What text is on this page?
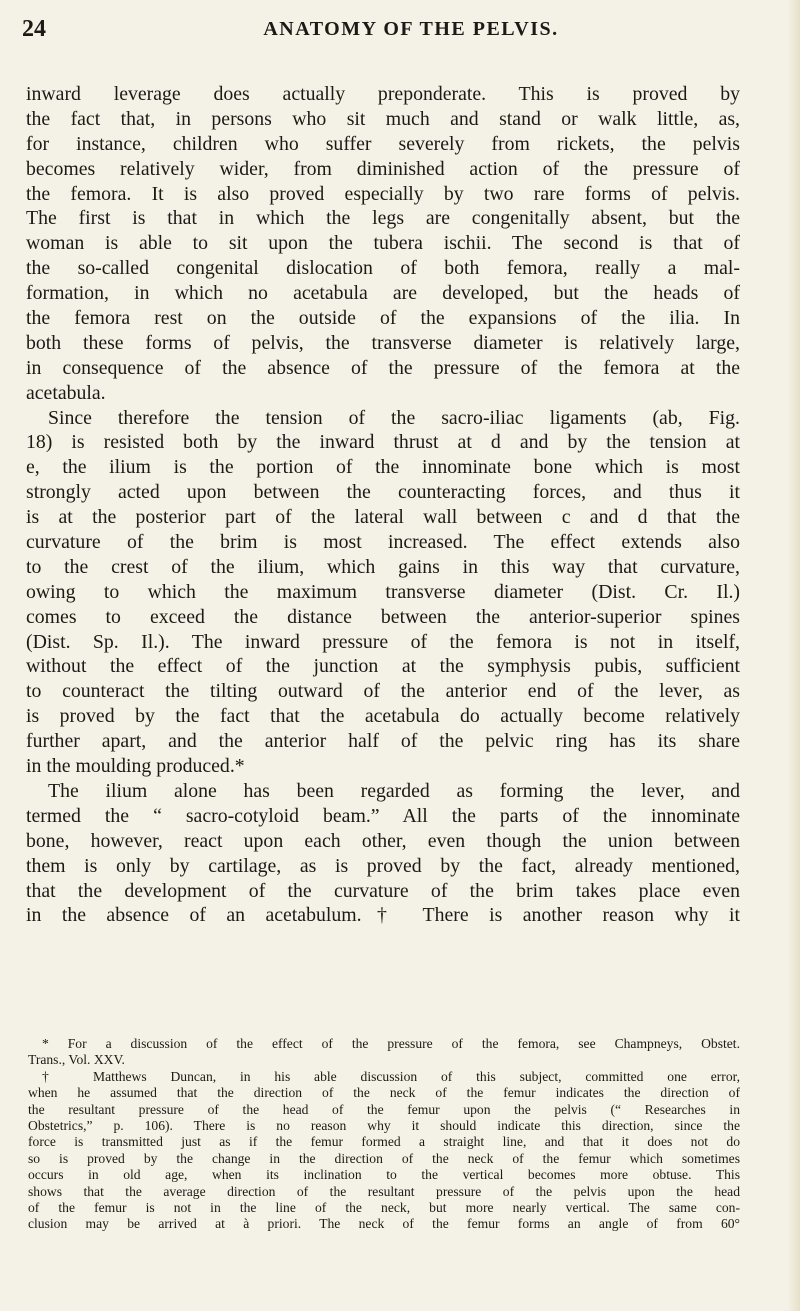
24	ANATOMY OF THE PELVIS.
inward leverage does actually preponderate. This is proved by
the fact that, in persons who sit much and stand or walk little, as,
for instance, children who suffer severely from rickets, the pelvis
becomes relatively wider, from diminished action of the pressure of
the femora. It is also proved especially by two rare forms of pelvis.
The first is that in which the legs are congenitally absent, but the
woman is able to sit upon the tubera ischii. The second is that of
the so-called congenital dislocation of both femora, really a mal-
formation, in which no acetabula are developed, but the heads of
the femora rest on the outside of the expansions of the ilia. In
both these forms of pelvis, the transverse diameter is relatively large,
in consequence of the absence of the pressure of the femora at the
acetabula.
Since therefore the tension of the sacro-iliac ligaments (ab, Fig.
18) is resisted both by the inward thrust at d and by the tension at
e, the ilium is the portion of the innominate bone which is most
strongly acted upon between the counteracting forces, and thus it
is at the posterior part of the lateral wall between c and d that the
curvature of the brim is most increased. The effect extends also
to the crest of the ilium, which gains in this way that curvature,
owing to which the maximum transverse diameter (Dist. Cr. Il.)
comes to exceed the distance between the anterior-superior spines
(Dist. Sp. Il.). The inward pressure of the femora is not in itself,
without the effect of the junction at the symphysis pubis, sufficient
to counteract the tilting outward of the anterior end of the lever, as
is proved by the fact that the acetabula do actually become relatively
further apart, and the anterior half of the pelvic ring has its share
in the moulding produced.*
The ilium alone has been regarded as forming the lever, and
termed the “ sacro-cotyloid beam.” All the parts of the innominate
bone, however, react upon each other, even though the union between
them is only by cartilage, as is proved by the fact, already mentioned,
that the development of the curvature of the brim takes place even
in the absence of an acetabulum.† There is another reason why it
* For a discussion of the effect of the pressure of the femora, see Champneys, Obstet.
Trans., Vol. XXV.
† Matthews Duncan, in his able discussion of this subject, committed one error,
when he assumed that the direction of the neck of the femur indicates the direction of
the resultant pressure of the head of the femur upon the pelvis (“ Researches in
Obstetrics,” p. 106). There is no reason why it should indicate this direction, since the
force is transmitted just as if the femur formed a straight line, and that it does not do
so is proved by the change in the direction of the neck of the femur which sometimes
occurs in old age, when its inclination to the vertical becomes more obtuse. This
shows that the average direction of the resultant pressure of the pelvis upon the head
of the femur is not in the line of the neck, but more nearly vertical. The same con-
clusion may be arrived at à priori. The neck of the femur forms an angle of from 60°
